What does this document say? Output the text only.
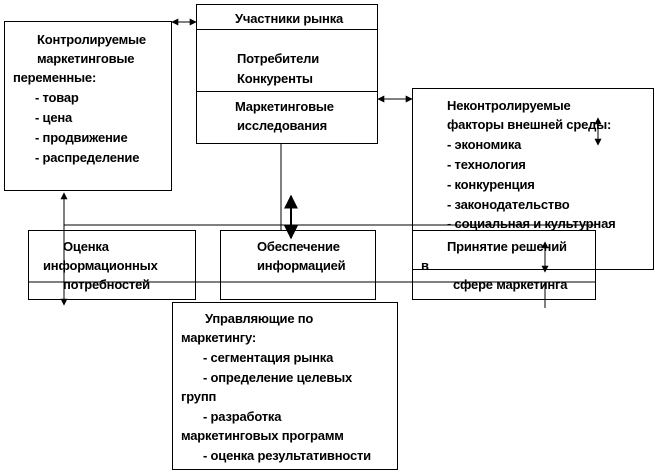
Контролируемые
маркетинговые
переменные:
- товар
- цена
- продвижение
- распределение
Участники рынка
Потребители
Конкуренты
Маркетинговые
исследования
Неконтролируемые
факторы внешней среды:
- экономика
- технология
- конкуренция
- законодательство
- социальная и культурная
Оценка
информационных
потребностей
Обеспечение
информацией
Принятие решений
в
сфере маркетинга
Управляющие по
маркетингу:
- сегментация рынка
- определение целевых
групп
- разработка
маркетинговых программ
- оценка результативности
